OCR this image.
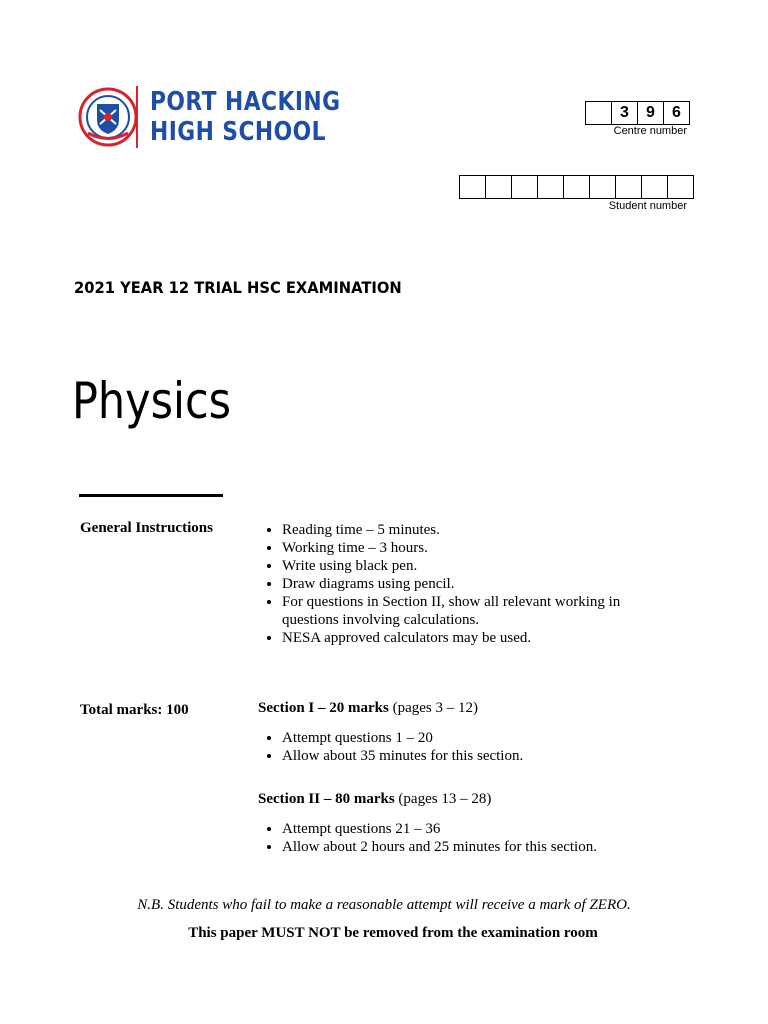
PORT HACKING
HIGH SCHOOL
3	9	6
Centre number
Student number
2021 YEAR 12 TRIAL HSC EXAMINATION
Physics
General Instructions
•	Reading time – 5 minutes.
• Working time – 3 hours.
• Write using black pen.
• Draw diagrams using pencil.
• For questions in Section II, show all relevant working in questions involving calculations.
• NESA approved calculators may be used.
Total marks: 100	Section I – 20 marks (pages 3 – 12)
• Attempt questions 1 – 20
• Allow about 35 minutes for this section.
Section II – 80 marks (pages 13 – 28)
• Attempt questions 21 – 36
• Allow about 2 hours and 25 minutes for this section.
N.B. Students who fail to make a reasonable attempt will receive a mark of ZERO.
This paper MUST NOT be removed from the examination room
